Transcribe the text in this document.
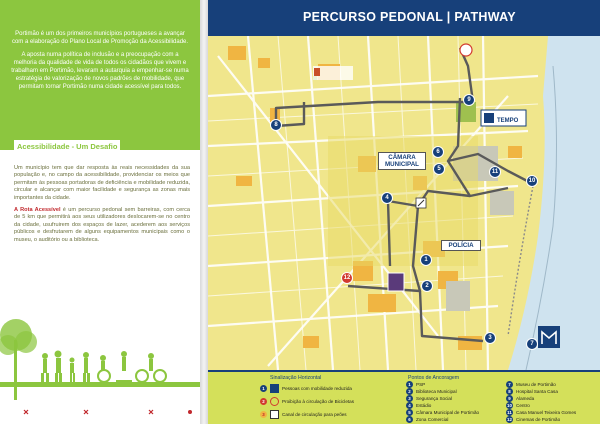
Portimão é um dos primeiros municípios portugueses a avançar com a elaboração do Plano Local de Promoção da Acessibilidade.

A aposta numa política de inclusão e a preocupação com a melhoria da qualidade de vida de todos os cidadãos que vivem e trabalham em Portimão, levaram a autarquia a empenhar-se numa estratégia de valorização de novos padrões de mobilidade, que permitam tornar Portimão numa cidade acessível para todos.

Acessibilidade - Um Desafio

Um município tem que dar resposta às reais necessidades da sua população e, no campo da acessibilidade, providenciar os meios que permitam às pessoas portadoras de deficiência e mobilidade reduzida, circular e alcançar com maior facilidade e segurança as zonas mais importantes da cidade.

A Rota Acessível é um percurso pedonal sem barreiras, com cerca de 5 km que permitirá aos seus utilizadores deslocarem-se no centro da cidade, usufruirem dos espaços de lazer, acederem aos serviços públicos e desfrutarem de alguns equipamentos municipais como o museu, o auditório ou a biblioteca.

PERCURSO PEDONAL | PATHWAY
TEMPO
CÂMARA MUNICIPAL
POLÍCIA
1
2
3
4
5
6
7
8
9
10
11
12
Sinalização Horizontal
1	Pessoas com mobilidade reduzida
2	Proibição à circulação de Bicicletas
3	Canal de circulação para peões
Pontos de Ancoragem
1	PSP
2	Biblioteca Municipal
3	Segurança Social
4	Estádio
5	Câmara Municipal de Portimão
6	Zona Comercial
7	Museu de Portimão
8	Hospital Santa Casa
9	Alameda
10 Centro
11 Casa Manuel Teixeira Gomes
12 Cinemas de Portimão
